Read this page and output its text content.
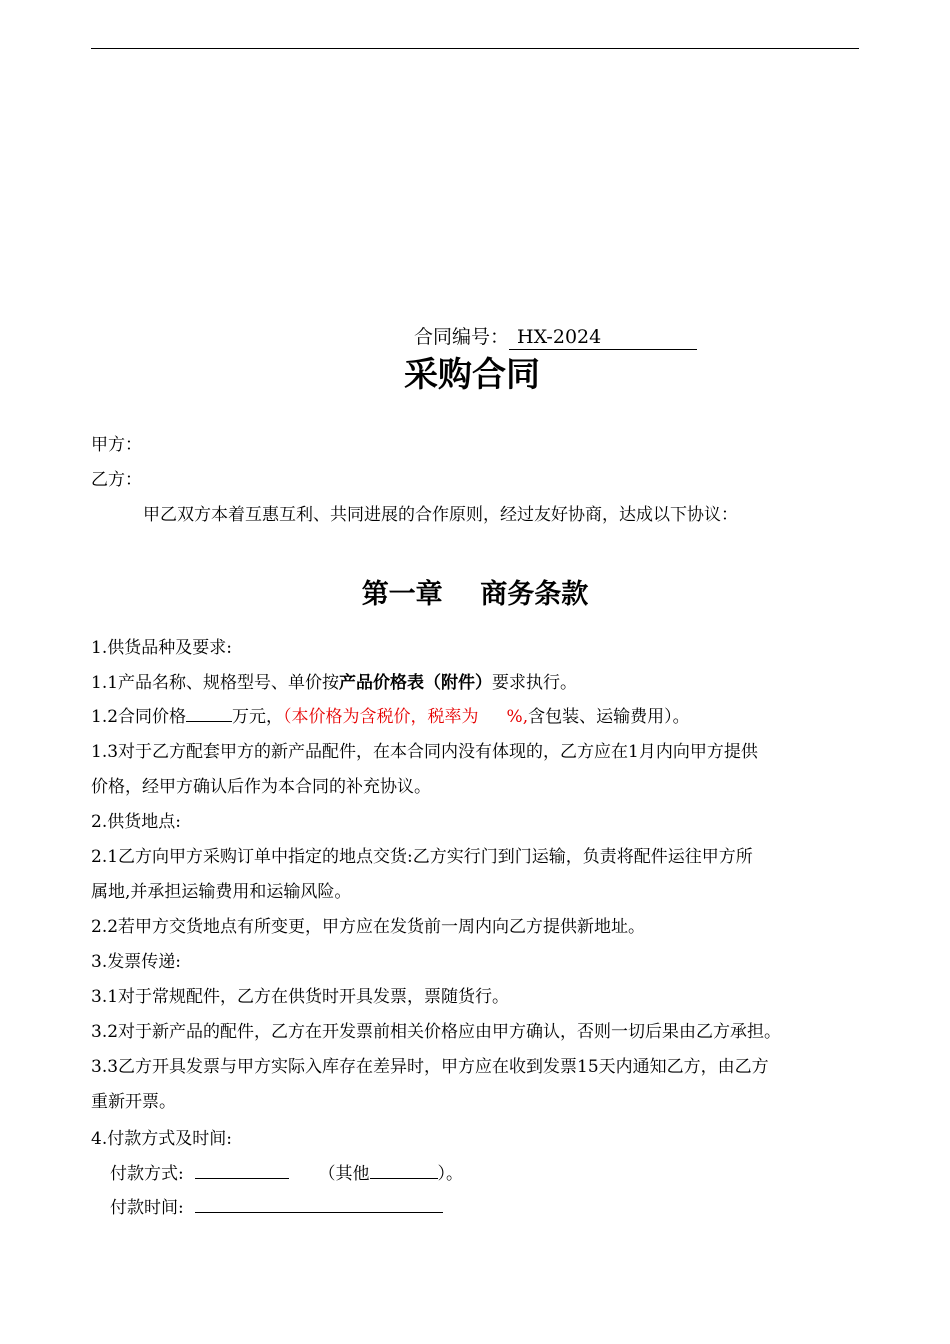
合同编号： HX-2024
采购合同
甲方：
乙方：
甲乙双方本着互惠互利、共同进展的合作原则，经过友好协商，达成以下协议：
第一章    商务条款
1.供货品种及要求:
1.1产品名称、规格型号、单价按产品价格表（附件）要求执行。
1.2合同价格	万元，（本价格为含税价，税率为 %,含包装、运输费用）。
1.3对于乙方配套甲方的新产品配件，在本合同内没有体现的，乙方应在1月内向甲方提供
价格，经甲方确认后作为本合同的补充协议。
2.供货地点:
2.1乙方向甲方采购订单中指定的地点交货:乙方实行门到门运输，负责将配件运往甲方所
属地,并承担运输费用和运输风险。
2.2若甲方交货地点有所变更，甲方应在发货前一周内向乙方提供新地址。
3.发票传递:
3.1对于常规配件，乙方在供货时开具发票，票随货行。
3.2对于新产品的配件，乙方在开发票前相关价格应由甲方确认，否则一切后果由乙方承担。
3.3乙方开具发票与甲方实际入库存在差异时，甲方应在收到发票15天内通知乙方，由乙方
重新开票。
4.付款方式及时间:
付款方式:	（其他	）。
付款时间:
